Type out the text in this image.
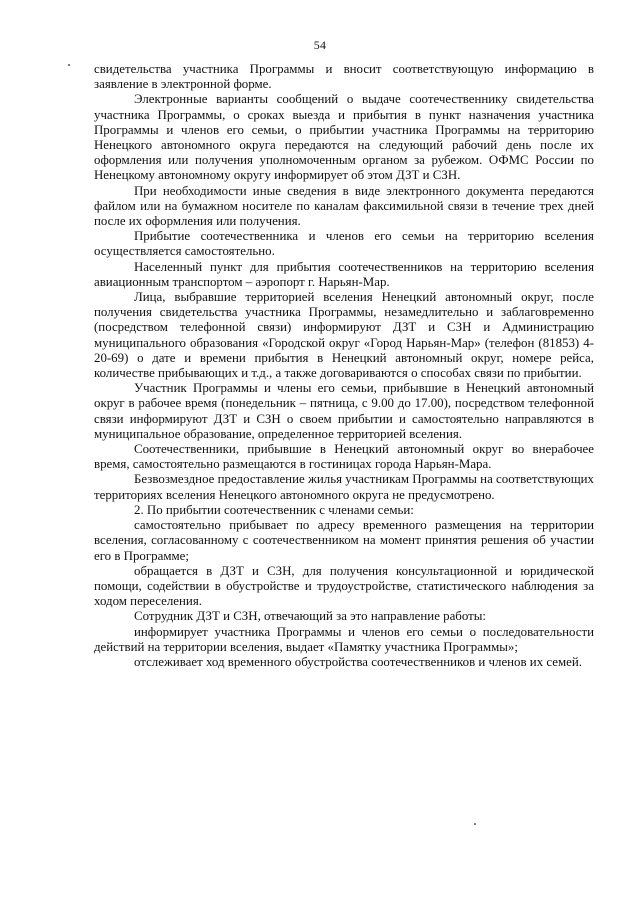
54

свидетельства участника Программы и вносит соответствующую информацию в заявление в электронной форме.

Электронные варианты сообщений о выдаче соотечественнику свидетельства участника Программы, о сроках выезда и прибытия в пункт назначения участника Программы и членов его семьи, о прибытии участника Программы на территорию Ненецкого автономного округа передаются на следующий рабочий день после их оформления или получения уполномоченным органом за рубежом. ОФМС России по Ненецкому автономному округу информирует об этом ДЗТ и СЗН.

При необходимости иные сведения в виде электронного документа передаются файлом или на бумажном носителе по каналам факсимильной связи в течение трех дней после их оформления или получения.

Прибытие соотечественника и членов его семьи на территорию вселения осуществляется самостоятельно.

Населенный пункт для прибытия соотечественников на территорию вселения авиационным транспортом – аэропорт г. Нарьян-Мар.

Лица, выбравшие территорией вселения Ненецкий автономный округ, после получения свидетельства участника Программы, незамедлительно и заблаговременно (посредством телефонной связи) информируют ДЗТ и СЗН и Администрацию муниципального образования «Городской округ «Город Нарьян-Мар» (телефон (81853) 4-20-69) о дате и времени прибытия в Ненецкий автономный округ, номере рейса, количестве прибывающих и т.д., а также договариваются о способах связи по прибытии.

Участник Программы и члены его семьи, прибывшие в Ненецкий автономный округ в рабочее время (понедельник – пятница, с 9.00 до 17.00), посредством телефонной связи информируют ДЗТ и СЗН о своем прибытии и самостоятельно направляются в муниципальное образование, определенное территорией вселения.

Соотечественники, прибывшие в Ненецкий автономный округ во внерабочее время, самостоятельно размещаются в гостиницах города Нарьян-Мара.

Безвозмездное предоставление жилья участникам Программы на соответствующих территориях вселения Ненецкого автономного округа не предусмотрено.

2. По прибытии соотечественник с членами семьи:

самостоятельно прибывает по адресу временного размещения на территории вселения, согласованному с соотечественником на момент принятия решения об участии его в Программе;

обращается в ДЗТ и СЗН, для получения консультационной и юридической помощи, содействии в обустройстве и трудоустройстве, статистического наблюдения за ходом переселения.

Сотрудник ДЗТ и СЗН, отвечающий за это направление работы:

информирует участника Программы и членов его семьи о последовательности действий на территории вселения, выдает «Памятку участника Программы»;

отслеживает ход временного обустройства соотечественников и членов их семей.
